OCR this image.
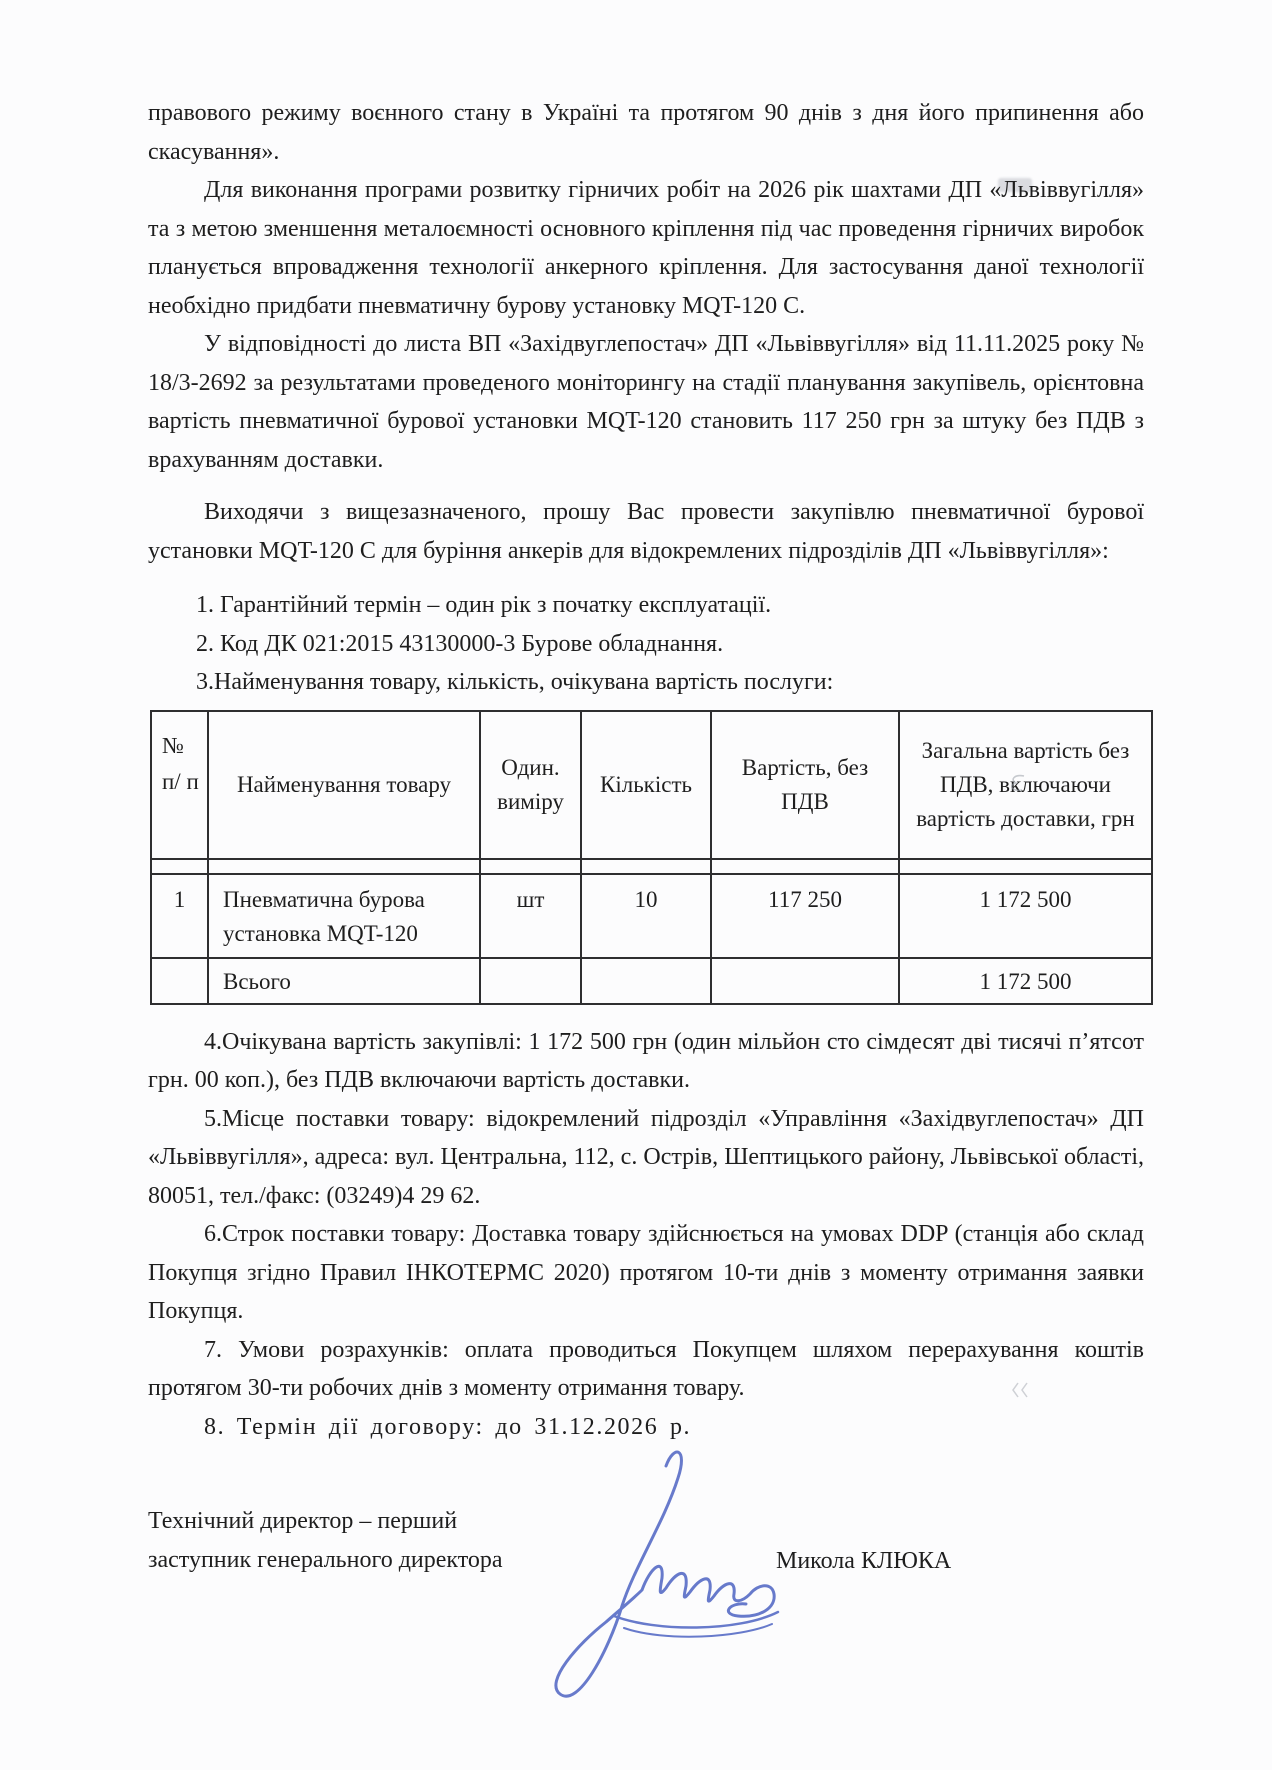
правового режиму воєнного стану в Україні та протягом 90 днів з дня його припинення або скасування».

Для виконання програми розвитку гірничих робіт на 2026 рік шахтами ДП «Львіввугілля» та з метою зменшення металоємності основного кріплення під час проведення гірничих виробок планується впровадження технології анкерного кріплення. Для застосування даної технології необхідно придбати пневматичну бурову установку MQT-120 С.

У відповідності до листа ВП «Західвуглепостач» ДП «Львіввугілля» від 11.11.2025 року № 18/3-2692 за результатами проведеного моніторингу на стадії планування закупівель, орієнтовна вартість пневматичної бурової установки MQT-120 становить 117 250 грн за штуку без ПДВ з врахуванням доставки.

Виходячи з вищезазначеного, прошу Вас провести закупівлю пневматичної бурової установки MQT-120 С для буріння анкерів для відокремлених підрозділів ДП «Львіввугілля»:

1. Гарантійний термін – один рік з початку експлуатації.

2. Код ДК 021:2015 43130000-3 Бурове обладнання.

3.Найменування товару, кількість, очікувана вартість послуги:

№ п/ п	Найменування товару	Один. виміру	Кількість	Вартість, без ПДВ	Загальна вартість без ПДВ, включаючи вартість доставки, грн

1	Пневматична бурова установка MQT-120	шт	10	117 250	1 172 500
	Всього				1 172 500

4.Очікувана вартість закупівлі: 1 172 500 грн (один мільйон сто сімдесят дві тисячі п’ятсот грн. 00 коп.), без ПДВ включаючи вартість доставки.

5.Місце поставки товару: відокремлений підрозділ «Управління «Західвуглепостач» ДП «Львіввугілля», адреса: вул. Центральна, 112, с. Острів, Шептицького району, Львівської області, 80051, тел./факс: (03249)4 29 62.

6.Строк поставки товару: Доставка товару здійснюється на умовах DDP (станція або склад Покупця згідно Правил ІНКОТЕРМС 2020) протягом 10-ти днів з моменту отримання заявки Покупця.

7. Умови розрахунків: оплата проводиться Покупцем шляхом перерахування коштів протягом 30-ти робочих днів з моменту отримання товару.

8. Термін дії договору: до 31.12.2026 р.

Технічний директор – перший
заступник генерального директора	Микола КЛЮКА
